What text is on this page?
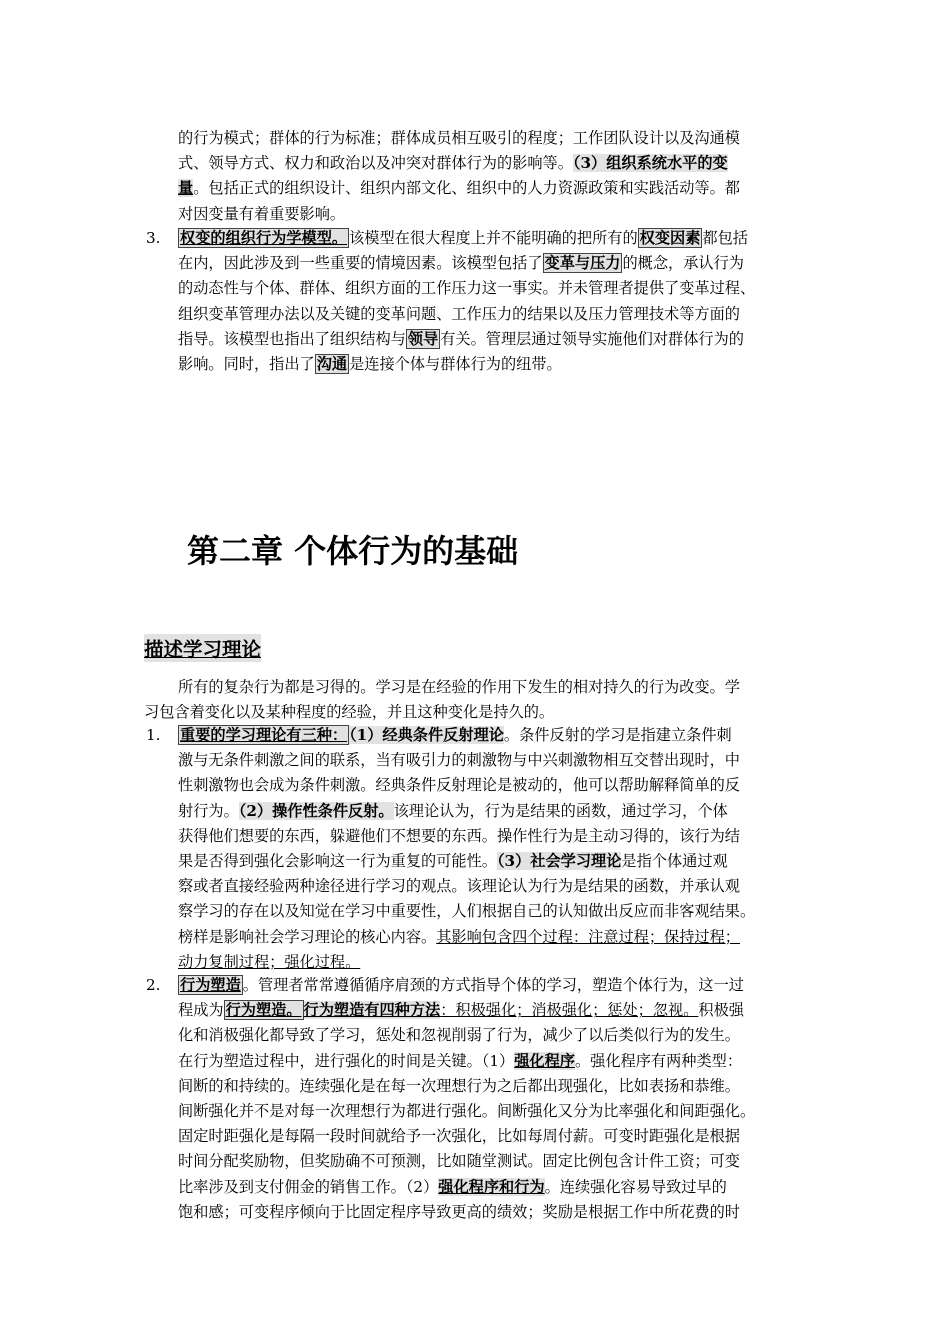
的行为模式；群体的行为标准；群体成员相互吸引的程度；工作团队设计以及沟通模

式、领导方式、权力和政治以及冲突对群体行为的影响等。（3）组织系统水平的变

量。包括正式的组织设计、组织内部文化、组织中的人力资源政策和实践活动等。都

对因变量有着重要影响。

3. 权变的组织行为学模型。 该模型在很大程度上并不能明确的把所有的 权变因素 都包括

在内，因此涉及到一些重要的情境因素。该模型包括了 变革与压力 的概念，承认行为

的动态性与个体、群体、组织方面的工作压力这一事实。并未管理者提供了变革过程、

组织变革管理办法以及关键的变革问题、工作压力的结果以及压力管理技术等方面的

指导。该模型也指出了组织结构与 领导 有关。管理层通过领导实施他们对群体行为的

影响。同时，指出了 沟通 是连接个体与群体行为的纽带。

第二章 个体行为的基础
描述学习理论

所有的复杂行为都是习得的。学习是在经验的作用下发生的相对持久的行为改变。学

习包含着变化以及某种程度的经验，并且这种变化是持久的。

1. 重要的学习理论有三种： （1）经典条件反射理论。条件反射的学习是指建立条件刺

激与无条件刺激之间的联系，当有吸引力的刺激物与中兴刺激物相互交替出现时，中

性刺激物也会成为条件刺激。经典条件反射理论是被动的，他可以帮助解释简单的反

射行为。（2）操作性条件反射。该理论认为，行为是结果的函数，通过学习，个体

获得他们想要的东西，躲避他们不想要的东西。操作性行为是主动习得的，该行为结

果是否得到强化会影响这一行为重复的可能性。（3）社会学习理论是指个体通过观

察或者直接经验两种途径进行学习的观点。该理论认为行为是结果的函数，并承认观

察学习的存在以及知觉在学习中重要性，人们根据自己的认知做出反应而非客观结果。

榜样是影响社会学习理论的核心内容。其影响包含四个过程：注意过程；保持过程；

动力复制过程；强化过程。

2. 行为塑造 。管理者常常遵循循序肩颈的方式指导个体的学习，塑造个体行为，这一过

程成为 行为塑造。 行为塑造有四种方法：积极强化；消极强化；惩处；忽视。积极强

化和消极强化都导致了学习，惩处和忽视削弱了行为，减少了以后类似行为的发生。

在行为塑造过程中，进行强化的时间是关键。（1）强化程序。强化程序有两种类型：

间断的和持续的。连续强化是在每一次理想行为之后都出现强化，比如表扬和恭维。

间断强化并不是对每一次理想行为都进行强化。间断强化又分为比率强化和间距强化。

固定时距强化是每隔一段时间就给予一次强化，比如每周付薪。可变时距强化是根据

时间分配奖励物，但奖励确不可预测，比如随堂测试。固定比例包含计件工资；可变

比率涉及到支付佣金的销售工作。（2）强化程序和行为。连续强化容易导致过早的

饱和感；可变程序倾向于比固定程序导致更高的绩效；奖励是根据工作中所花费的时
